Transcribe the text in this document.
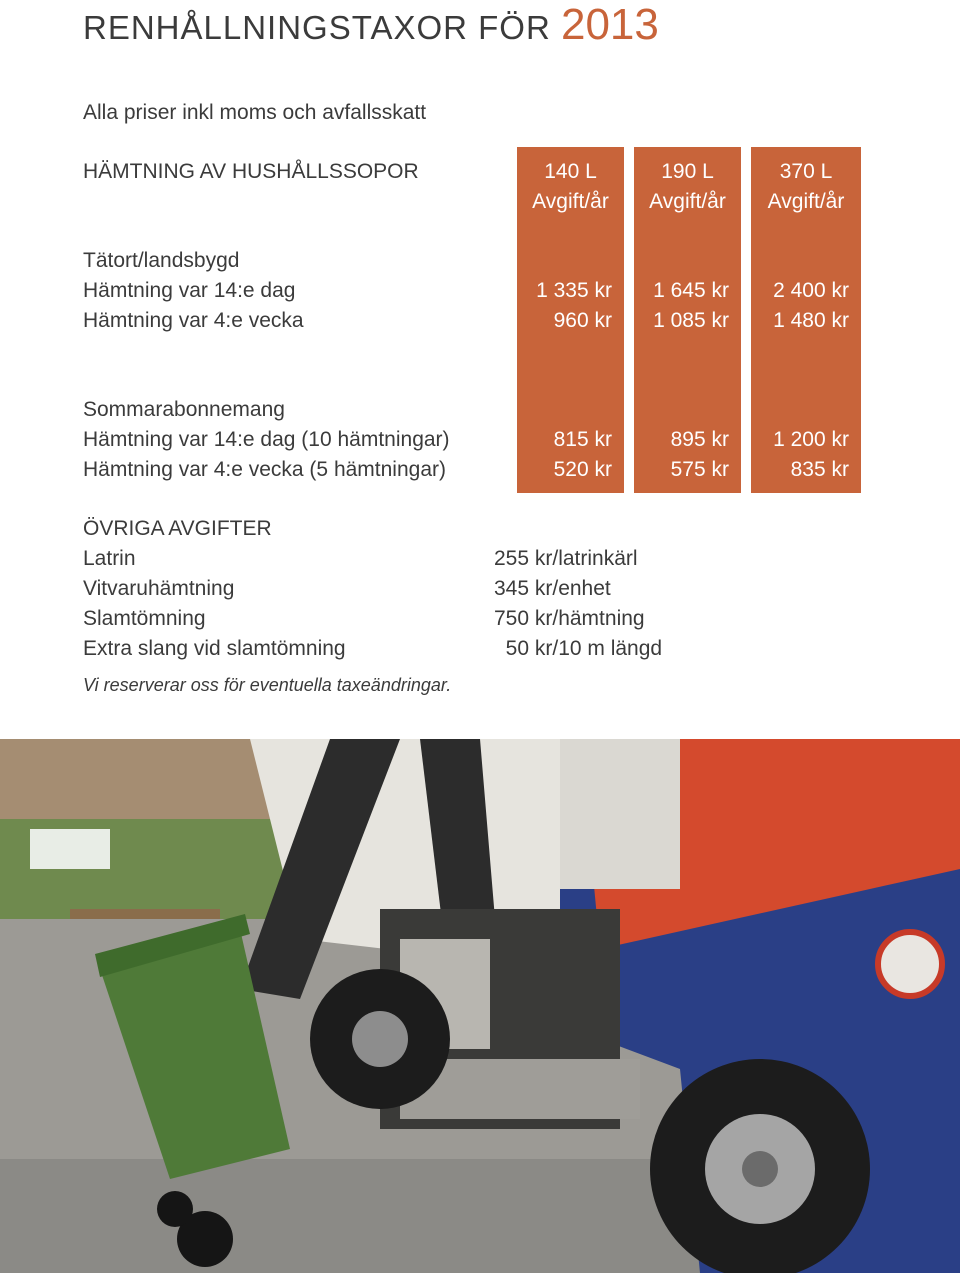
RENHÅLLNINGSTAXOR FÖR 2013
Alla priser inkl moms och avfallsskatt
140 L
Avgift/år
1 335 kr
960 kr
815 kr
520 kr
190 L
Avgift/år
1 645 kr
1 085 kr
895 kr
575 kr
370 L
Avgift/år
2 400 kr
1 480 kr
1 200 kr
835 kr
HÄMTNING AV HUSHÅLLSSOPOR
Tätort/landsbygd
Hämtning var 14:e dag
Hämtning var 4:e vecka
Sommarabonnemang
Hämtning var 14:e dag (10 hämtningar)
Hämtning var 4:e vecka (5 hämtningar)
ÖVRIGA AVGIFTER
Latrin
Vitvaruhämtning
Slamtömning
Extra slang vid slamtömning
255 kr/latrinkärl
345 kr/enhet
750 kr/hämtning
50 kr/10 m längd
Vi reserverar oss för eventuella taxeändringar.
